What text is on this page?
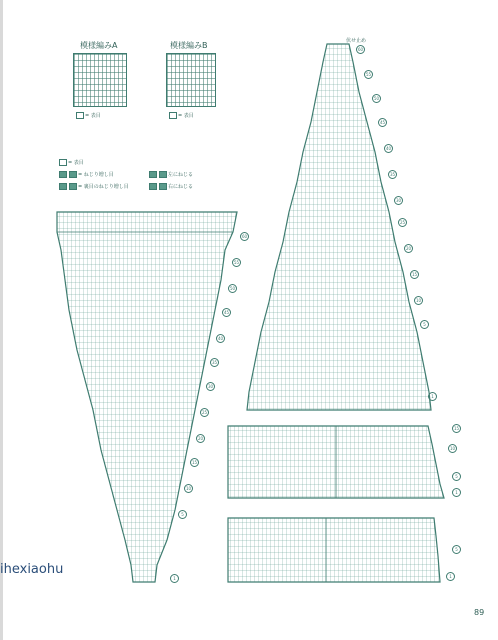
模様編みA
= 表目
模様編みB
= 表目
= 表目
= ねじり増し目
= 裏目のねじり増し目
左にねじる
右にねじる
60
55
50
45
40
35
30
25
20
15
10
5
1
伏せ止め
60
55
50
45
40
35
30
25
20
15
10
5
1
15
10
5
1
5
1
ihexiaohu
89
